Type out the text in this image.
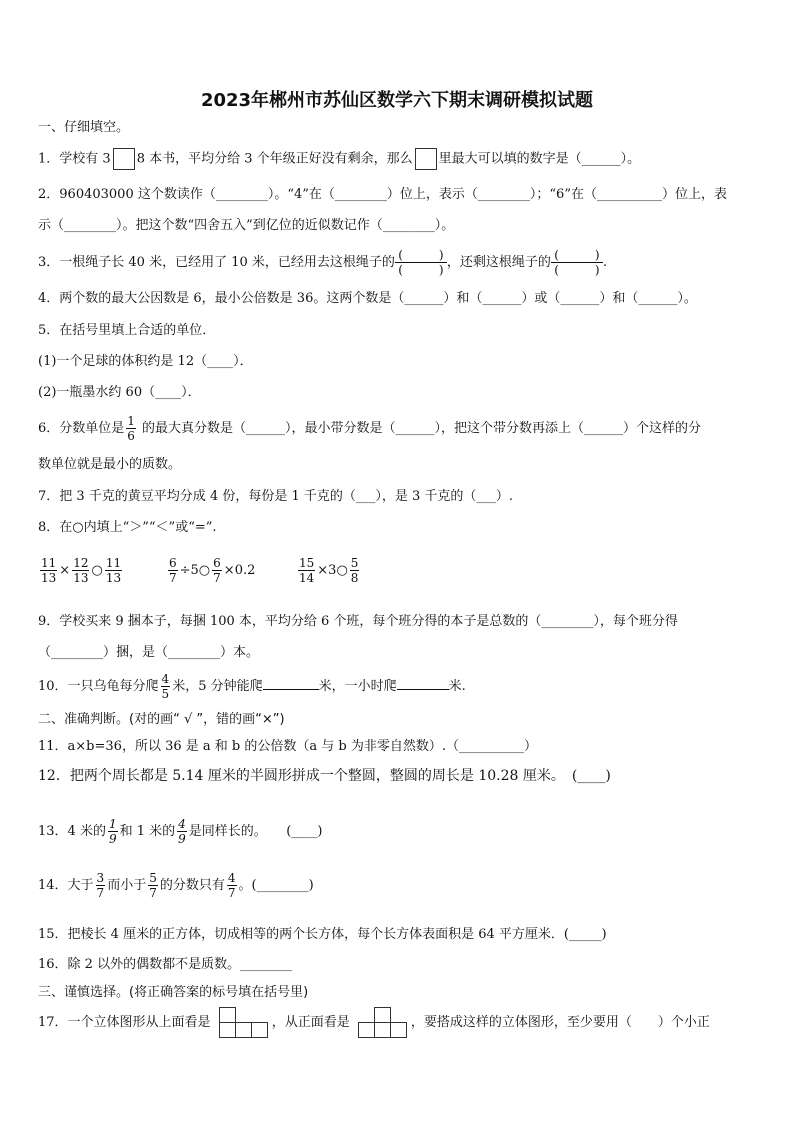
2023年郴州市苏仙区数学六下期末调研模拟试题
一、仔细填空。
1．学校有 3 8 本书，平均分给 3 个年级正好没有剩余，那么 里最大可以填的数字是（______）。
2．960403000 这个数读作（________）。“4”在（________）位上，表示（________）；“6”在（__________）位上，表
示（________）。把这个数“四舍五入”到亿位的近似数记作（________）。
3．一根绳子长 40 米，已经用了 10 米，已经用去这根绳子的 (　　　)
(　　　) ，还剩这根绳子的 (　　　)
(　　　) .
4．两个数的最大公因数是 6，最小公倍数是 36。这两个数是（______）和（______）或（______）和（______）。
5．在括号里填上合适的单位．
(1)一个足球的体积约是 12（____）．
(2)一瓶墨水约 60（____）．
6．分数单位是 $\frac{1}{6}$ 的最大真分数是（______），最小带分数是（______），把这个带分数再添上（______）个这样的分
数单位就是最小的质数。
7．把 3 千克的黄豆平均分成 4 份，每份是 1 千克的（___），是 3 千克的（___）.
8．在○内填上“＞”“＜”或“=”.
$\frac{11}{13} \times \frac{12}{13}$ ○ $\frac{11}{13}$	$\frac{6}{7}$ ÷5○ $\frac{6}{7} \times 0.2$	$\frac{15}{14}$ ×3○ $\frac{5}{8}$
9．学校买来 9 捆本子，每捆 100 本，平均分给 6 个班，每个班分得的本子是总数的（________），每个班分得
（________）捆，是（________）本。
10．一只乌龟每分爬 $\frac{4}{5}$ 米，5 分钟能爬	米，一小时爬	米.
二、准确判断。(对的画“ √ ”，错的画“×”)
11．a×b=36，所以 36 是 a 和 b 的公倍数（a 与 b 为非零自然数）.（__________）
12．把两个周长都是 5.14 厘米的半圆形拼成一个整圆，整圆的周长是 10.28 厘米。　(____)
13．4 米的 $\frac{1}{9}$ 和 1 米的 $\frac{4}{9}$ 是同样长的。　　(____)
14．大于 $\frac{3}{7}$ 而小于 $\frac{5}{7}$ 的分数只有 $\frac{4}{7}$ 。(________)
15．把棱长 4 厘米的正方体，切成相等的两个长方体，每个长方体表面积是 64 平方厘米．(_____)
16．除 2 以外的偶数都不是质数。________
三、谨慎选择。(将正确答案的标号填在括号里)
17．一个立体图形从上面看是		
			，从正面看是		
			，要搭成这样的立体图形，至少要用（　　）个小正
